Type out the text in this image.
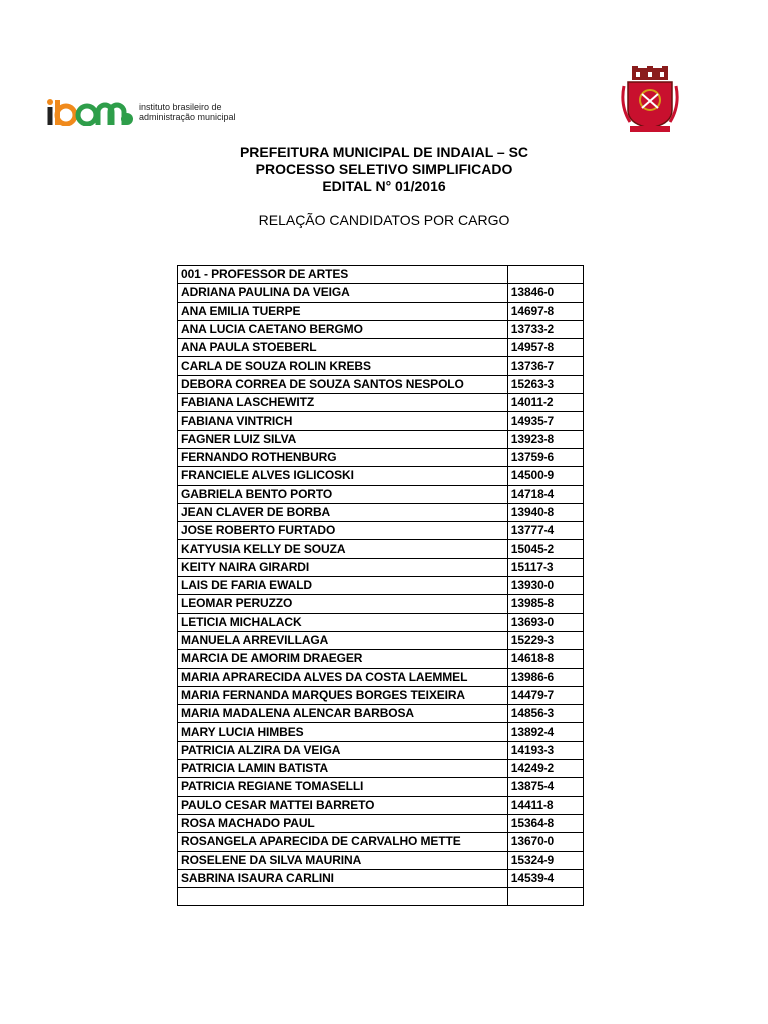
instituto brasileiro de
administração municipal
PREFEITURA MUNICIPAL DE INDAIAL – SC
PROCESSO SELETIVO SIMPLIFICADO
EDITAL N° 01/2016
RELAÇÃO CANDIDATOS POR CARGO
001 - PROFESSOR DE ARTES	
ADRIANA PAULINA DA VEIGA	13846-0
ANA EMILIA TUERPE	14697-8
ANA LUCIA CAETANO BERGMO	13733-2
ANA PAULA STOEBERL	14957-8
CARLA DE SOUZA ROLIN KREBS	13736-7
DEBORA CORREA DE SOUZA SANTOS NESPOLO	15263-3
FABIANA LASCHEWITZ	14011-2
FABIANA VINTRICH	14935-7
FAGNER LUIZ SILVA	13923-8
FERNANDO ROTHENBURG	13759-6
FRANCIELE ALVES IGLICOSKI	14500-9
GABRIELA BENTO PORTO	14718-4
JEAN CLAVER DE BORBA	13940-8
JOSE ROBERTO FURTADO	13777-4
KATYUSIA KELLY DE SOUZA	15045-2
KEITY NAIRA GIRARDI	15117-3
LAIS DE FARIA EWALD	13930-0
LEOMAR PERUZZO	13985-8
LETICIA MICHALACK	13693-0
MANUELA ARREVILLAGA	15229-3
MARCIA DE AMORIM DRAEGER	14618-8
MARIA APRARECIDA ALVES DA COSTA LAEMMEL	13986-6
MARIA FERNANDA MARQUES BORGES TEIXEIRA	14479-7
MARIA MADALENA ALENCAR BARBOSA	14856-3
MARY LUCIA HIMBES	13892-4
PATRICIA ALZIRA DA VEIGA	14193-3
PATRICIA LAMIN BATISTA	14249-2
PATRICIA REGIANE TOMASELLI	13875-4
PAULO CESAR MATTEI BARRETO	14411-8
ROSA MACHADO PAUL	15364-8
ROSANGELA APARECIDA DE CARVALHO METTE	13670-0
ROSELENE DA SILVA MAURINA	15324-9
SABRINA ISAURA CARLINI	14539-4
